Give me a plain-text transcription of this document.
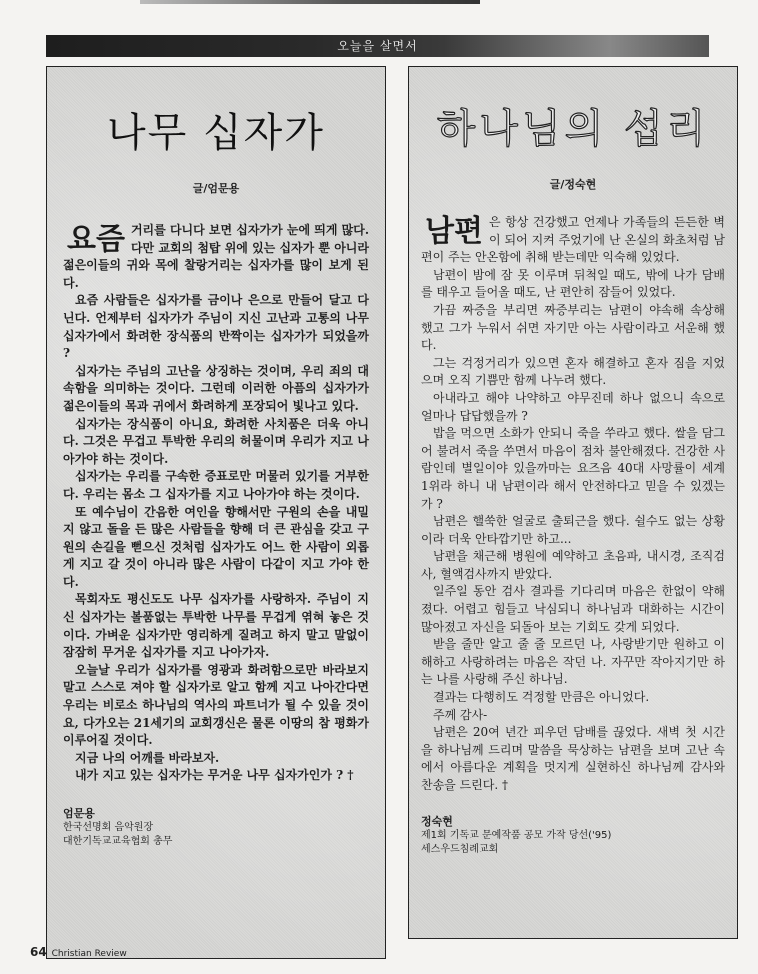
오늘을 살면서
나무 십자가
글/엄문용

요즘 거리를 다니다 보면 십자가가 눈에 띄게 많다. 다만 교회의 첨탑 위에 있는 십자가 뿐 아니라 젊은이들의 귀와 목에 찰랑거리는 십자가를 많이 보게 된다.

요즘 사람들은 십자가를 금이나 은으로 만들어 달고 다닌다. 언제부터 십자가가 주님이 지신 고난과 고통의 나무 십자가에서 화려한 장식품의 반짝이는 십자가가 되었을까 ?

십자가는 주님의 고난을 상징하는 것이며, 우리 죄의 대속함을 의미하는 것이다. 그런데 이러한 아픔의 십자가가 젊은이들의 목과 귀에서 화려하게 포장되어 빛나고 있다.

십자가는 장식품이 아니요, 화려한 사치품은 더욱 아니다. 그것은 무겁고 투박한 우리의 허물이며 우리가 지고 나아가야 하는 것이다.

십자가는 우리를 구속한 증표로만 머물러 있기를 거부한다. 우리는 몸소 그 십자가를 지고 나아가야 하는 것이다.

또 예수님이 간음한 여인을 향해서만 구원의 손을 내밀지 않고 돌을 든 많은 사람들을 향해 더 큰 관심을 갖고 구원의 손길을 뻗으신 것처럼 십자가도 어느 한 사람이 외롭게 지고 갈 것이 아니라 많은 사람이 다같이 지고 가야 한다.

목회자도 평신도도 나무 십자가를 사랑하자. 주님이 지신 십자가는 볼품없는 투박한 나무를 무겁게 엮혀 놓은 것이다. 가벼운 십자가만 영리하게 질려고 하지 말고 말없이 잠잠히 무거운 십자가를 지고 나아가자.

오늘날 우리가 십자가를 영광과 화려함으로만 바라보지 말고 스스로 져야 할 십자가로 알고 함께 지고 나아간다면 우리는 비로소 하나님의 역사의 파트너가 될 수 있을 것이요, 다가오는 21세기의 교회갱신은 물론 이땅의 참 평화가 이루어질 것이다.

지금 나의 어깨를 바라보자.

내가 지고 있는 십자가는 무거운 나무 십자가인가 ? †

엄문용
한국선명회 음악원장
대한기독교교육협회 총무
하나님의 섭리
글/정숙현

남편 은 항상 건강했고 언제나 가족들의 든든한 벽이 되어 지켜 주었기에 난 온실의 화초처럼 남편이 주는 안온함에 취해 받는데만 익숙해 있었다.

남편이 밤에 잠 못 이루며 뒤척일 때도, 밖에 나가 담배를 태우고 들어올 때도, 난 편안히 잠들어 있었다.

가끔 짜증을 부리면 짜증부리는 남편이 야속해 속상해 했고 그가 누워서 쉬면 자기만 아는 사람이라고 서운해 했다.

그는 걱정거리가 있으면 혼자 해결하고 혼자 짐을 지었으며 오직 기쁨만 함께 나누려 했다.

아내라고 해야 나약하고 야무진데 하나 없으니 속으로 얼마나 답답했을까 ?

밥을 먹으면 소화가 안되니 죽을 쑤라고 했다. 쌀을 담그어 불려서 죽을 쑤면서 마음이 점차 불안해졌다. 건강한 사람인데 별일이야 있을까마는 요즈음 40대 사망률이 세계 1위라 하니 내 남편이라 해서 안전하다고 믿을 수 있겠는가 ?

남편은 핼쑥한 얼굴로 출퇴근을 했다. 쉴수도 없는 상황이라 더욱 안타깝기만 하고...

남편을 채근해 병원에 예약하고 초음파, 내시경, 조직검사, 혈액검사까지 받았다.

일주일 동안 검사 결과를 기다리며 마음은 한없이 약해졌다. 어렵고 힘들고 낙심되니 하나님과 대화하는 시간이 많아졌고 자신을 되돌아 보는 기회도 갖게 되었다.

받을 줄만 알고 줄 줄 모르던 나, 사랑받기만 원하고 이해하고 사랑하려는 마음은 작던 나. 자꾸만 작아지기만 하는 나를 사랑해 주신 하나님.

결과는 다행히도 걱정할 만큼은 아니었다.

주께 감사-

남편은 20여 년간 피우던 담배를 끊었다. 새벽 첫 시간을 하나님께 드리며 말씀을 묵상하는 남편을 보며 고난 속에서 아름다운 계획을 멋지게 실현하신 하나님께 감사와 찬송을 드린다. †

정숙현
제1회 기독교 문예작품 공모 가작 당선('95)
세스우드침례교회
64 Christian Review
